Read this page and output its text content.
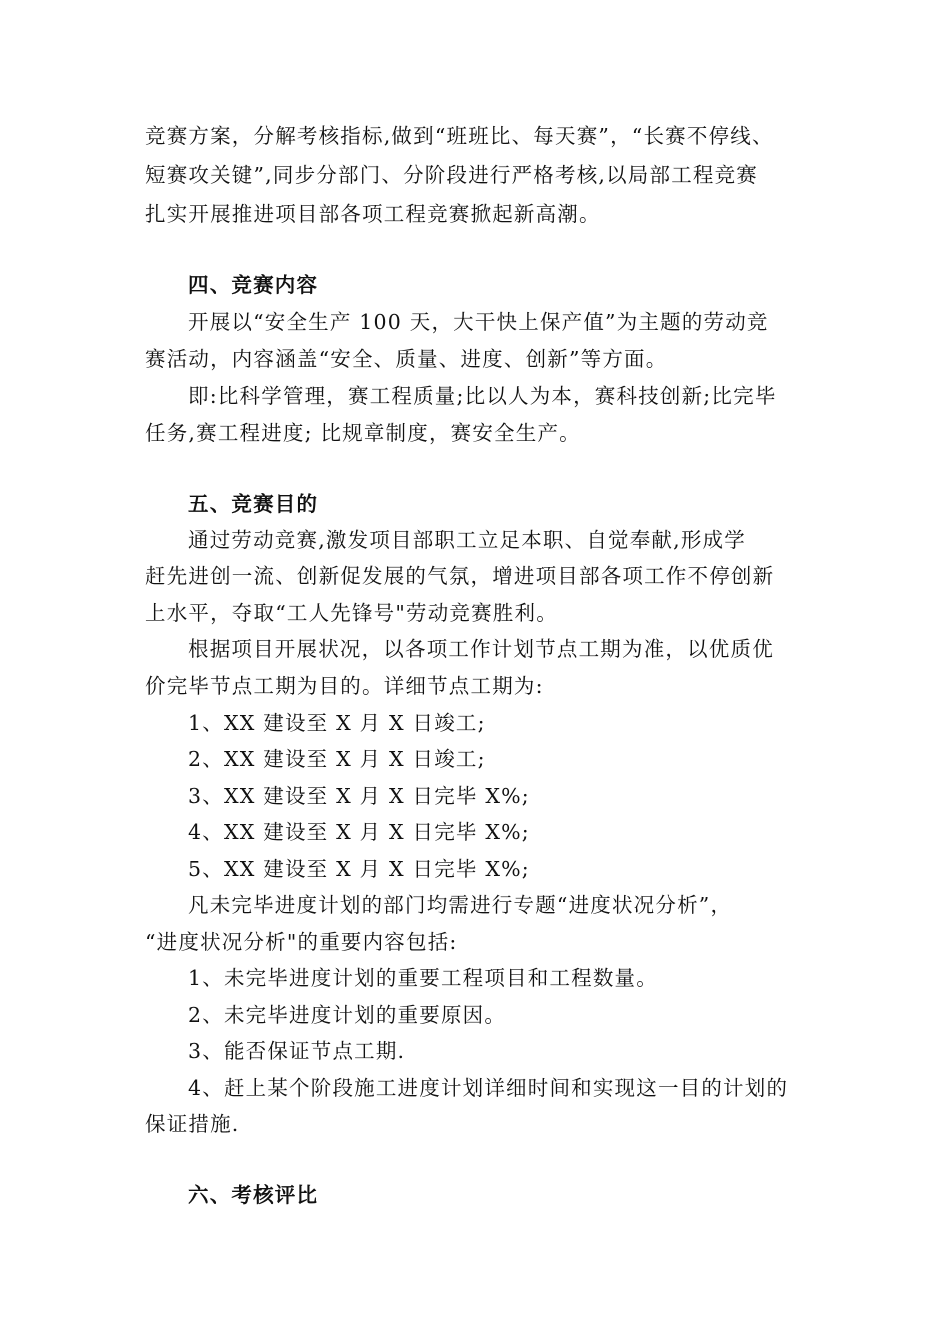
竞赛方案，分解考核指标,做到“班班比、每天赛”，“长赛不停线、
短赛攻关键”,同步分部门、分阶段进行严格考核,以局部工程竞赛
扎实开展推进项目部各项工程竞赛掀起新高潮。
四、竞赛内容
开展以“安全生产 100 天，大干快上保产值”为主题的劳动竞
赛活动，内容涵盖“安全、质量、进度、创新”等方面。
即:比科学管理，赛工程质量;比以人为本，赛科技创新;比完毕
任务,赛工程进度; 比规章制度，赛安全生产。
五、竞赛目的
通过劳动竞赛,激发项目部职工立足本职、自觉奉献,形成学
赶先进创一流、创新促发展的气氛，增进项目部各项工作不停创新
上水平，夺取“工人先锋号"劳动竞赛胜利。
根据项目开展状况，以各项工作计划节点工期为准，以优质优
价完毕节点工期为目的。详细节点工期为:
1、XX 建设至 X 月 X 日竣工;
2、XX 建设至 X 月 X 日竣工;
3、XX 建设至 X 月 X 日完毕 X%;
4、XX 建设至 X 月 X 日完毕 X%;
5、XX 建设至 X 月 X 日完毕 X%;
凡未完毕进度计划的部门均需进行专题“进度状况分析”，
“进度状况分析"的重要内容包括:
1、未完毕进度计划的重要工程项目和工程数量。
2、未完毕进度计划的重要原因。
3、能否保证节点工期.
4、赶上某个阶段施工进度计划详细时间和实现这一目的计划的
保证措施.
六、考核评比
